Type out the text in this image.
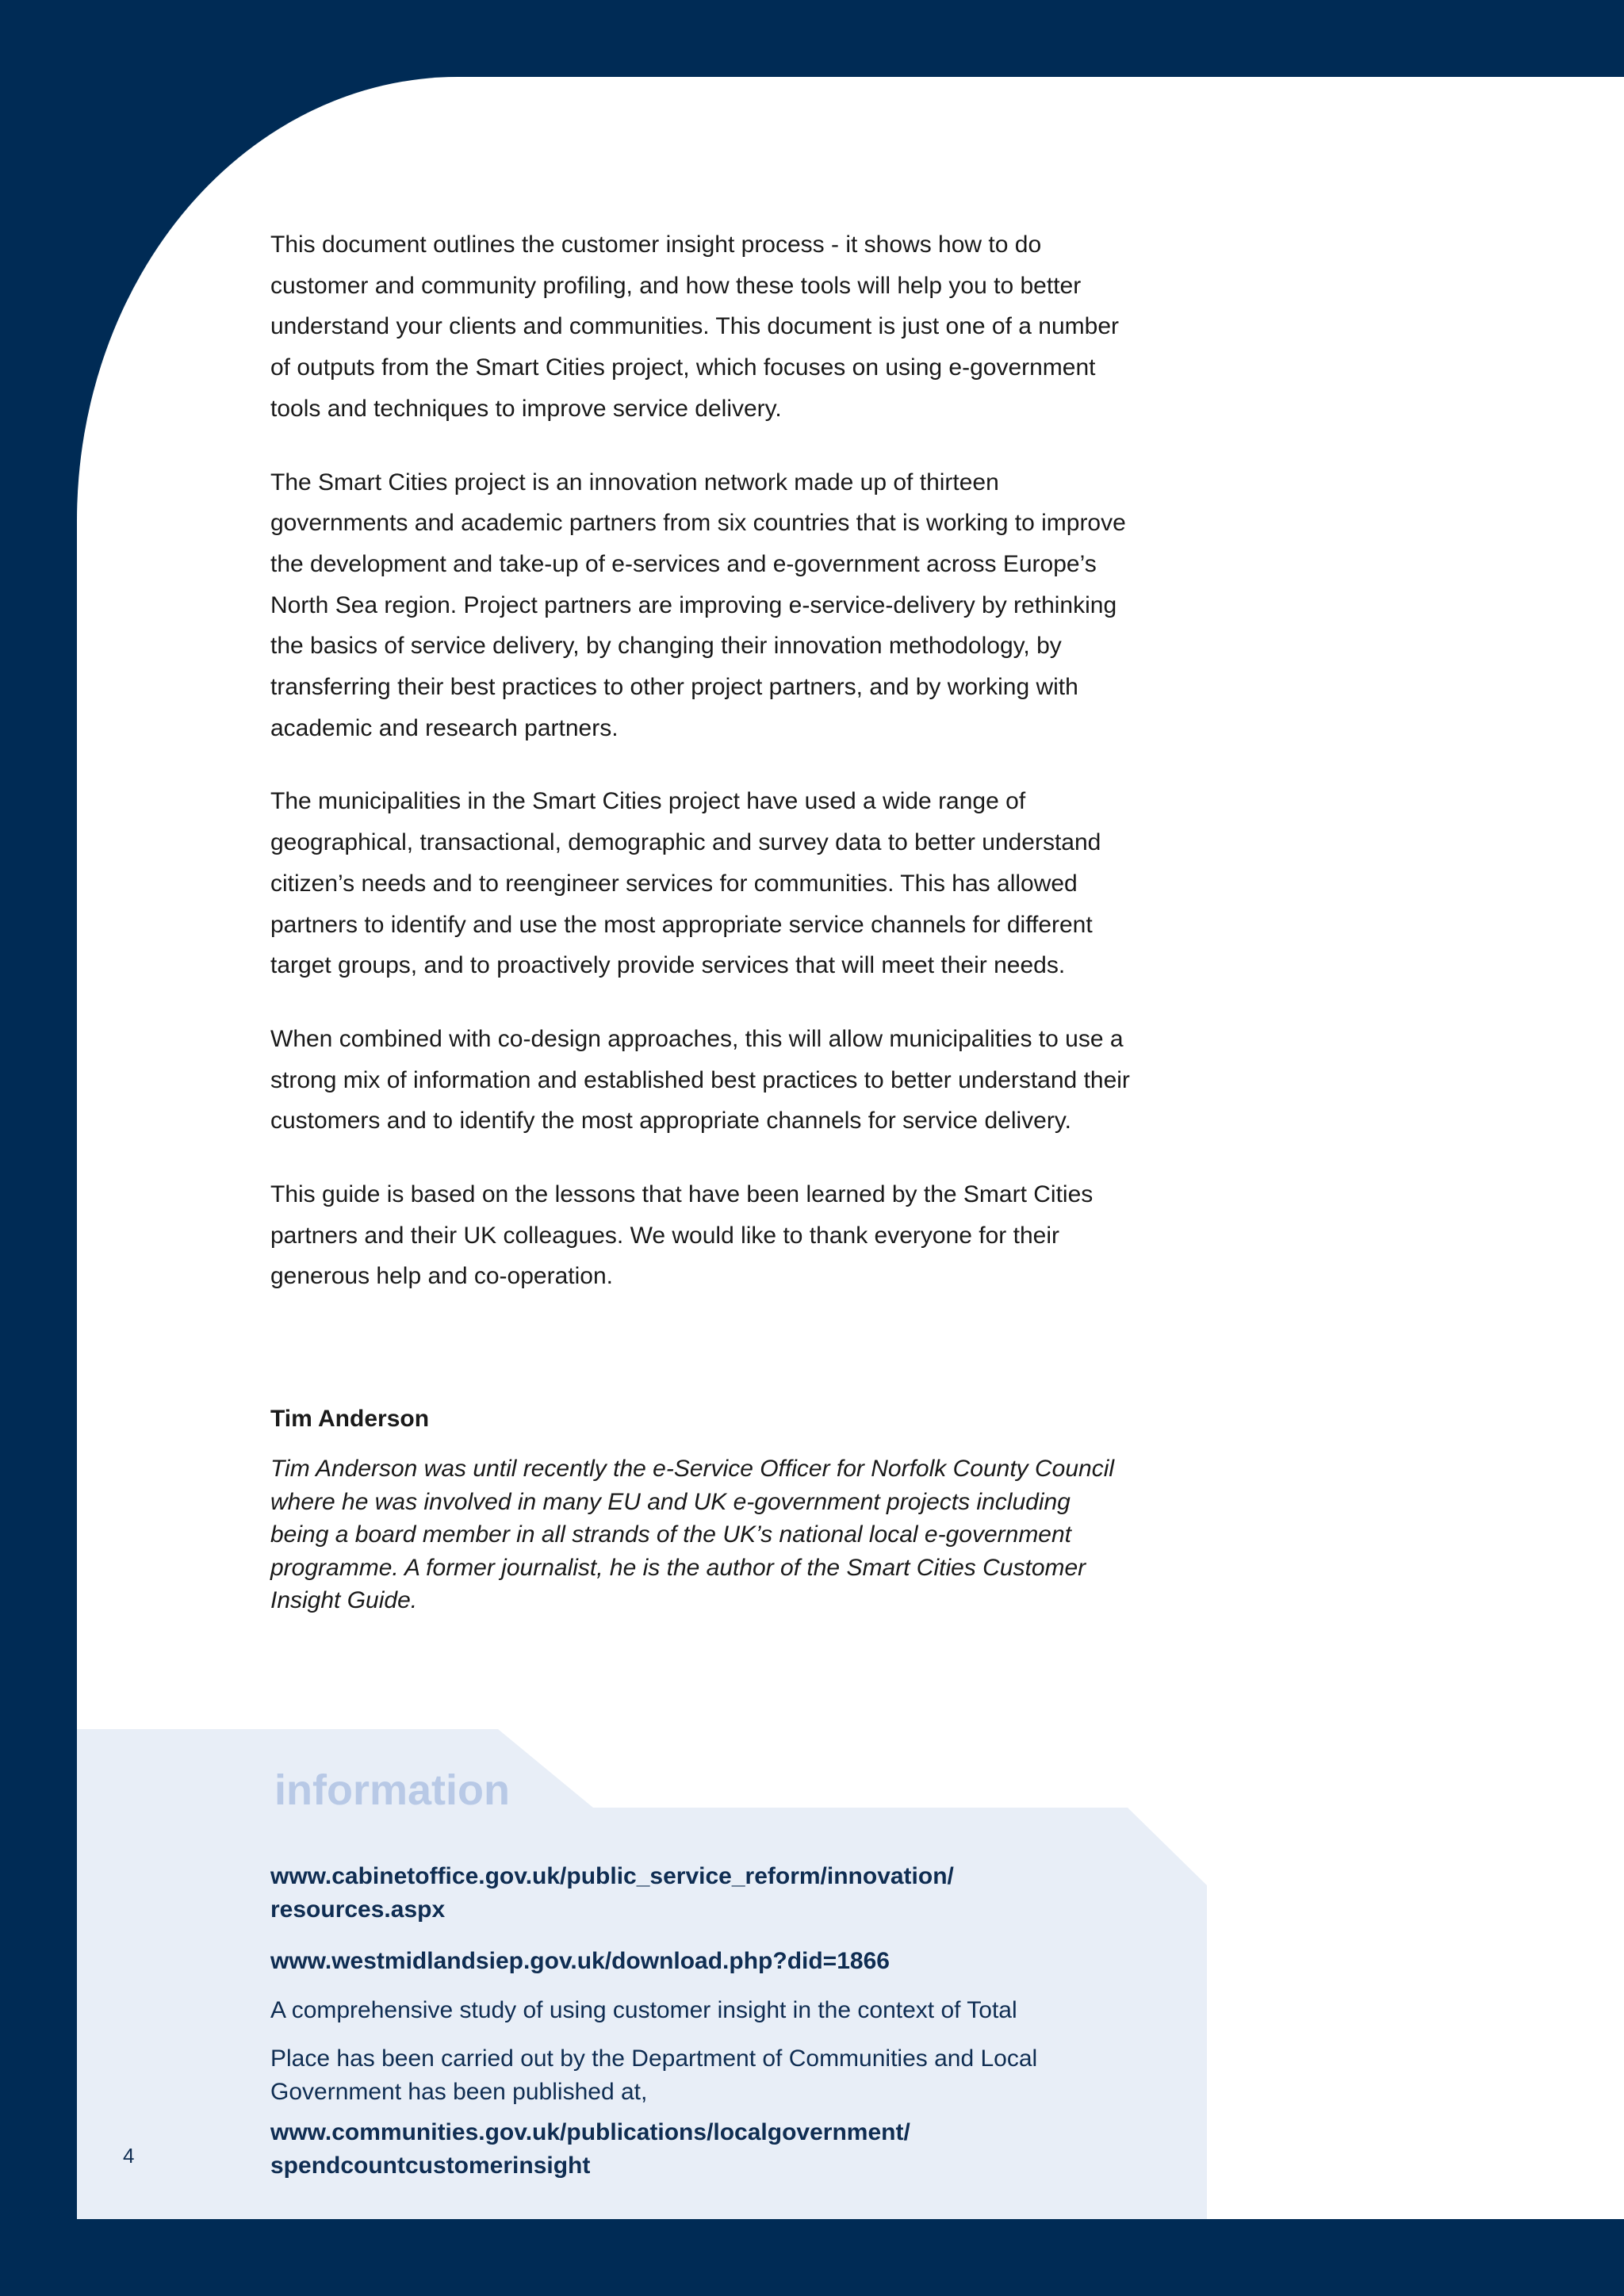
This document outlines the customer insight process - it shows how to do customer and community profiling, and how these tools will help you to better understand your clients and communities. This document is just one of a number of outputs from the Smart Cities project, which focuses on using e-government tools and techniques to improve service delivery.

The Smart Cities project is an innovation network made up of thirteen governments and academic partners from six countries that is working to improve the development and take-up of e-services and e-government across Europe’s North Sea region. Project partners are improving e-service-delivery by rethinking the basics of service delivery, by changing their innovation methodology, by transferring their best practices to other project partners, and by working with academic and research partners.

The municipalities in the Smart Cities project have used a wide range of geographical, transactional, demographic and survey data to better understand citizen’s needs and to reengineer services for communities. This has allowed partners to identify and use the most appropriate service channels for different target groups, and to proactively provide services that will meet their needs.

When combined with co-design approaches, this will allow municipalities to use a strong mix of information and established best practices to better understand their customers and to identify the most appropriate channels for service delivery.

This guide is based on the lessons that have been learned by the Smart Cities partners and their UK colleagues. We would like to thank everyone for their generous help and co-operation.

Tim Anderson

Tim Anderson was until recently the e-Service Officer for Norfolk County Council where he was involved in many EU and UK e-government projects including being a board member in all strands of the UK’s national local e-government programme. A former journalist, he is the author of the Smart Cities Customer Insight Guide.

information

www.cabinetoffice.gov.uk/public_service_reform/innovation/ resources.aspx

www.westmidlandsiep.gov.uk/download.php?did=1866

A comprehensive study of using customer insight in the context of Total

Place has been carried out by the Department of Communities and Local Government has been published at,

www.communities.gov.uk/publications/localgovernment/ spendcountcustomerinsight

4
